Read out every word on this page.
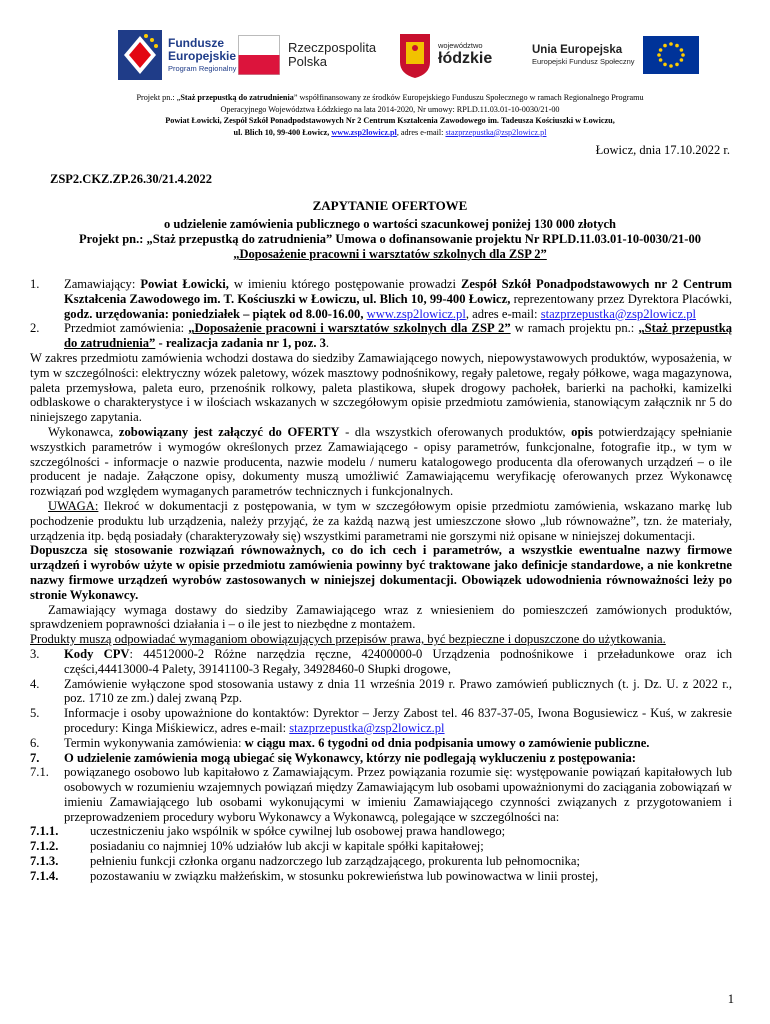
Fundusze
Europejskie
Program Regionalny
Rzeczpospolita
Polska
województwo
łódzkie
Unia Europejska
Europejski Fundusz Społeczny
Projekt pn.: „Staż przepustką do zatrudnienia” współfinansowany ze środków Europejskiego Funduszu Społecznego w ramach Regionalnego Programu
Operacyjnego Województwa Łódzkiego na lata 2014-2020, Nr umowy: RPLD.11.03.01-10-0030/21-00
Powiat Łowicki, Zespół Szkół Ponadpodstawowych Nr 2 Centrum Kształcenia Zawodowego im. Tadeusza Kościuszki w Łowiczu,
ul. Blich 10, 99-400 Łowicz, www.zsp2lowicz.pl, adres e-mail: stazprzepustka@zsp2lowicz.pl
Łowicz, dnia 17.10.2022 r.
ZSP2.CKZ.ZP.26.30/21.4.2022
ZAPYTANIE OFERTOWE
o udzielenie zamówienia publicznego o wartości szacunkowej poniżej 130 000 złotych
Projekt pn.: „Staż przepustką do zatrudnienia” Umowa o dofinansowanie projektu Nr RPLD.11.03.01-10-0030/21-00
„Doposażenie pracowni i warsztatów szkolnych dla ZSP 2”
1. Zamawiający: Powiat Łowicki, w imieniu którego postępowanie prowadzi Zespół Szkół Ponadpodstawowych nr 2 Centrum Kształcenia Zawodowego im. T. Kościuszki w Łowiczu, ul. Blich 10, 99-400 Łowicz, reprezentowany przez Dyrektora Placówki, godz. urzędowania: poniedziałek – piątek od 8.00-16.00, www.zsp2lowicz.pl, adres e-mail: stazprzepustka@zsp2lowicz.pl

2. Przedmiot zamówienia: „Doposażenie pracowni i warsztatów szkolnych dla ZSP 2” w ramach projektu pn.: „Staż przepustką do zatrudnienia” - realizacja zadania nr 1, poz. 3.

W zakres przedmiotu zamówienia wchodzi dostawa do siedziby Zamawiającego nowych, niepowystawowych produktów, wyposażenia, w tym w szczególności: elektryczny wózek paletowy, wózek masztowy podnośnikowy, regały paletowe, regały półkowe, waga magazynowa, paleta przemysłowa, paleta euro, przenośnik rolkowy, paleta plastikowa, słupek drogowy pachołek, barierki na pachołki, kamizelki odblaskowe o charakterystyce i w ilościach wskazanych w szczegółowym opisie przedmiotu zamówienia, stanowiącym załącznik nr 5 do niniejszego zapytania.

Wykonawca, zobowiązany jest załączyć do OFERTY - dla wszystkich oferowanych produktów, opis potwierdzający spełnianie wszystkich parametrów i wymogów określonych przez Zamawiającego - opisy parametrów, funkcjonalne, fotografie itp., w tym w szczególności - informacje o nazwie producenta, nazwie modelu / numeru katalogowego producenta dla oferowanych urządzeń – o ile producent je nadaje. Załączone opisy, dokumenty muszą umożliwić Zamawiającemu weryfikację oferowanych przez Wykonawcę rozwiązań pod względem wymaganych parametrów technicznych i funkcjonalnych.

UWAGA: Ilekroć w dokumentacji z postępowania, w tym w szczegółowym opisie przedmiotu zamówienia, wskazano markę lub pochodzenie produktu lub urządzenia, należy przyjąć, że za każdą nazwą jest umieszczone słowo „lub równoważne”, tzn. że materiały, urządzenia itp. będą posiadały (charakteryzowały się) wszystkimi parametrami nie gorszymi niż opisane w niniejszej dokumentacji.

Dopuszcza się stosowanie rozwiązań równoważnych, co do ich cech i parametrów, a wszystkie ewentualne nazwy firmowe urządzeń i wyrobów użyte w opisie przedmiotu zamówienia powinny być traktowane jako definicje standardowe, a nie konkretne nazwy firmowe urządzeń wyrobów zastosowanych w niniejszej dokumentacji. Obowiązek udowodnienia równoważności leży po stronie Wykonawcy.

Zamawiający wymaga dostawy do siedziby Zamawiającego wraz z wniesieniem do pomieszczeń zamówionych produktów, sprawdzeniem poprawności działania i – o ile jest to niezbędne z montażem.

Produkty muszą odpowiadać wymaganiom obowiązujących przepisów prawa, być bezpieczne i dopuszczone do użytkowania.

3. Kody CPV: 44512000-2 Różne narzędzia ręczne, 42400000-0 Urządzenia podnośnikowe i przeładunkowe oraz ich części,44413000-4 Palety, 39141100-3 Regały, 34928460-0 Słupki drogowe,

4. Zamówienie wyłączone spod stosowania ustawy z dnia 11 września 2019 r. Prawo zamówień publicznych (t. j. Dz. U. z 2022 r., poz. 1710 ze zm.) dalej zwaną Pzp.

5. Informacje i osoby upoważnione do kontaktów: Dyrektor – Jerzy Zabost tel. 46 837-37-05, Iwona Bogusiewicz - Kuś, w zakresie procedury: Kinga Miśkiewicz, adres e-mail: stazprzepustka@zsp2lowicz.pl

6. Termin wykonywania zamówienia: w ciągu max. 6 tygodni od dnia podpisania umowy o zamówienie publiczne.

7. O udzielenie zamówienia mogą ubiegać się Wykonawcy, którzy nie podlegają wykluczeniu z postępowania:

7.1. powiązanego osobowo lub kapitałowo z Zamawiającym. Przez powiązania rozumie się: występowanie powiązań kapitałowych lub osobowych w rozumieniu wzajemnych powiązań między Zamawiającym lub osobami upoważnionymi do zaciągania zobowiązań w imieniu Zamawiającego lub osobami wykonującymi w imieniu Zamawiającego czynności związanych z przygotowaniem i przeprowadzeniem procedury wyboru Wykonawcy a Wykonawcą, polegające w szczególności na:

7.1.1.	uczestniczeniu jako wspólnik w spółce cywilnej lub osobowej prawa handlowego;

7.1.2.	posiadaniu co najmniej 10% udziałów lub akcji w kapitale spółki kapitałowej;

7.1.3.	pełnieniu funkcji członka organu nadzorczego lub zarządzającego, prokurenta lub pełnomocnika;

7.1.4.	pozostawaniu w związku małżeńskim, w stosunku pokrewieństwa lub powinowactwa w linii prostej,

1
